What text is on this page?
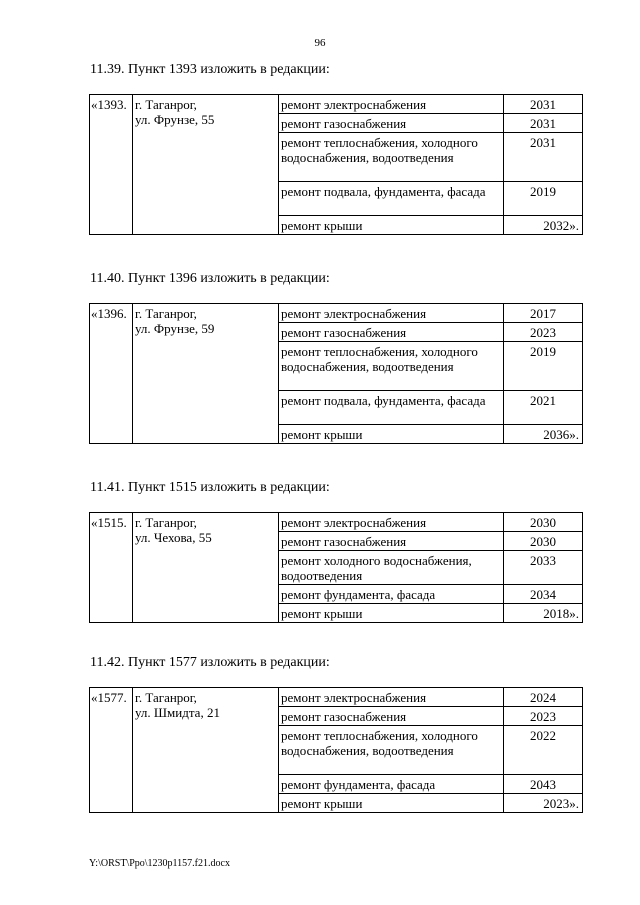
96
11.39. Пункт 1393 изложить в редакции:
«1393.	г. Таганрог,
ул. Фрунзе, 55	ремонт электроснабжения	2031
		ремонт газоснабжения	2031
		ремонт теплоснабжения, холодного водоснабжения, водоотведения	2031
		ремонт подвала, фундамента, фасада	2019
		ремонт крыши	2032».
11.40. Пункт 1396 изложить в редакции:
«1396.	г. Таганрог,
ул. Фрунзе, 59	ремонт электроснабжения	2017
		ремонт газоснабжения	2023
		ремонт теплоснабжения, холодного водоснабжения, водоотведения	2019
		ремонт подвала, фундамента, фасада	2021
		ремонт крыши	2036».
11.41. Пункт 1515 изложить в редакции:
«1515.	г. Таганрог,
ул. Чехова, 55	ремонт электроснабжения	2030
		ремонт газоснабжения	2030
		ремонт холодного водоснабжения, водоотведения	2033
		ремонт фундамента, фасада	2034
		ремонт крыши	2018».
11.42. Пункт 1577 изложить в редакции:
«1577.	г. Таганрог,
ул. Шмидта, 21	ремонт электроснабжения	2024
		ремонт газоснабжения	2023
		ремонт теплоснабжения, холодного водоснабжения, водоотведения	2022
		ремонт фундамента, фасада	2043
		ремонт крыши	2023».
Y:\ORST\Ppo\1230p1157.f21.docx
